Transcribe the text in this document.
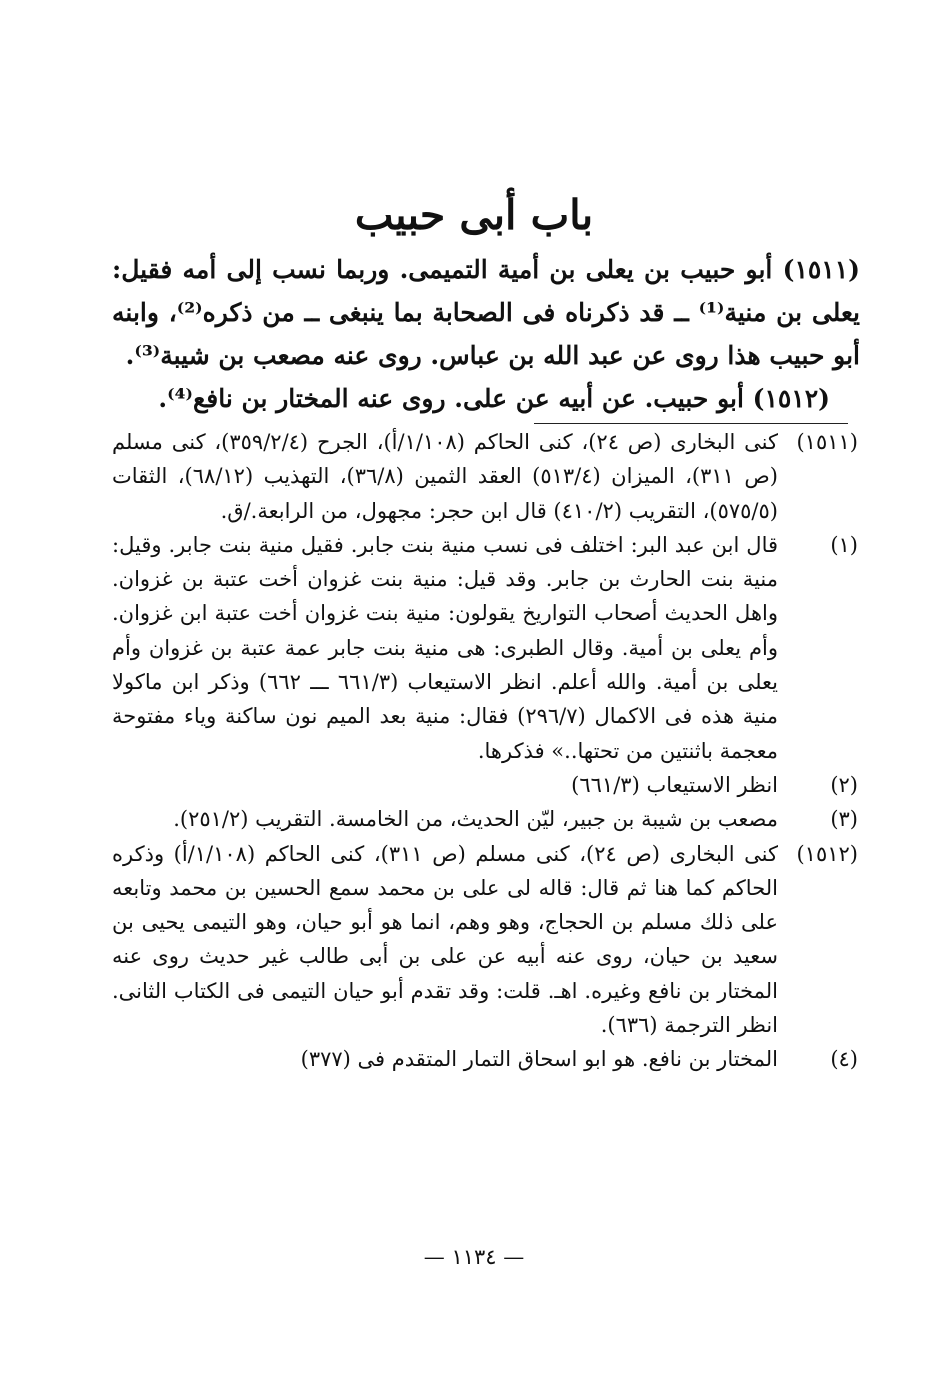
باب أبى حبيب

(١٥١١) أبو حبيب بن يعلى بن أمية التميمى. وربما نسب إلى أمه فقيل: يعلى بن منية⁽¹⁾ ــ قد ذكرناه فى الصحابة بما ينبغى ــ من ذكره⁽²⁾، وابنه أبو حبيب هذا روى عن عبد الله بن عباس. روى عنه مصعب بن شيبة⁽³⁾.

(١٥١٢) أبو حبيب. عن أبيه عن على. روى عنه المختار بن نافع⁽⁴⁾.

(١٥١١)
كنى البخارى (ص ٢٤)، كنى الحاكم (١/١٠٨/أ)، الجرح (٣٥٩/٢/٤)، كنى مسلم (ص ٣١١)، الميزان (٥١٣/٤) العقد الثمين (٣٦/٨)، التهذيب (٦٨/١٢)، الثقات (٥٧٥/٥)، التقريب (٤١٠/٢) قال ابن حجر: مجهول، من الرابعة./ق.
(١)
قال ابن عبد البر: اختلف فى نسب منية بنت جابر. فقيل منية بنت جابر. وقيل: منية بنت الحارث بن جابر. وقد قيل: منية بنت غزوان أخت عتبة بن غزوان. واهل الحديث أصحاب التواريخ يقولون: منية بنت غزوان أخت عتبة ابن غزوان. وأم يعلى بن أمية. وقال الطبرى: هى منية بنت جابر عمة عتبة بن غزوان وأم يعلى بن أمية. والله أعلم. انظر الاستيعاب (٦٦١/٣ ـــ ٦٦٢) وذكر ابن ماكولا منية هذه فى الاكمال (٢٩٦/٧) فقال: منية بعد الميم نون ساكنة وياء مفتوحة معجمة باثنتين من تحتها..» فذكرها.
(٢)
انظر الاستيعاب (٦٦١/٣)
(٣)
مصعب بن شيبة بن جبير، ليّن الحديث، من الخامسة. التقريب (٢٥١/٢).
(١٥١٢)
كنى البخارى (ص ٢٤)، كنى مسلم (ص ٣١١)، كنى الحاكم (١/١٠٨/أ) وذكره الحاكم كما هنا ثم قال: قاله لى على بن محمد سمع الحسين بن محمد وتابعه على ذلك مسلم بن الحجاج، وهو وهم، انما هو أبو حيان، وهو التيمى يحيى بن سعيد بن حيان، روى عنه أبيه عن على بن أبى طالب غير حديث روى عنه المختار بن نافع وغيره. اهـ. قلت: وقد تقدم أبو حيان التيمى فى الكتاب الثانى. انظر الترجمة (٦٣٦).
(٤)
المختار بن نافع. هو ابو اسحاق التمار المتقدم فى (٣٧٧)
— ١١٣٤ —
